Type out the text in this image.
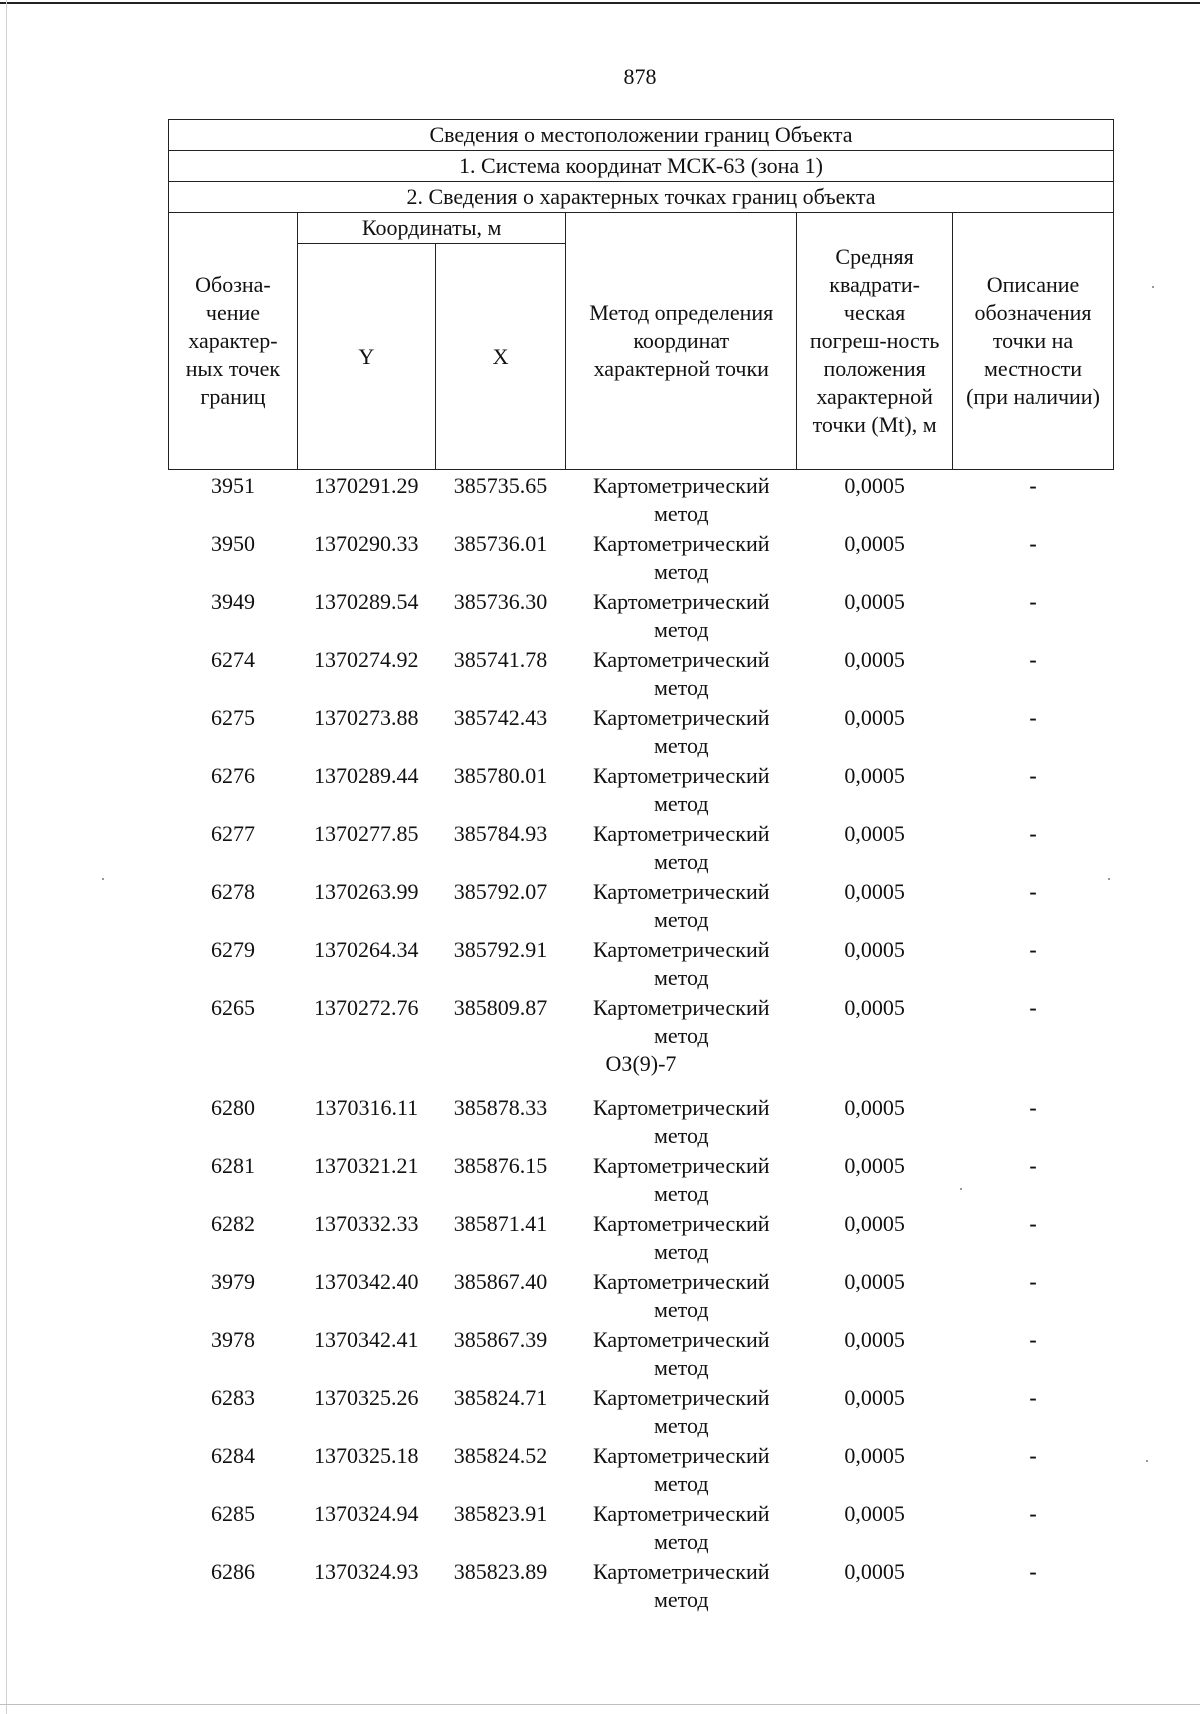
878
Сведения о местоположении границ Объекта					
1. Система координат МСК-63 (зона 1)					
2. Сведения о характерных точках границ объекта					

Обозна-чение характер-ных точек границ	Координаты, м		Метод определения координат характерной точки	Средняя квадрати-ческая погреш-ность положения характерной точки (Mt), м	Описание обозначения точки на местности (при наличии)

	Y	X			
3951	1370291.29	385735.65	Картометрический метод	0,0005	-
3950	1370290.33	385736.01	Картометрический метод	0,0005	-
3949	1370289.54	385736.30	Картометрический метод	0,0005	-
6274	1370274.92	385741.78	Картометрический метод	0,0005	-
6275	1370273.88	385742.43	Картометрический метод	0,0005	-
6276	1370289.44	385780.01	Картометрический метод	0,0005	-
6277	1370277.85	385784.93	Картометрический метод	0,0005	-
6278	1370263.99	385792.07	Картометрический метод	0,0005	-
6279	1370264.34	385792.91	Картометрический метод	0,0005	-
6265	1370272.76	385809.87	Картометрический метод	0,0005	-
ОЗ(9)-7					
6280	1370316.11	385878.33	Картометрический метод	0,0005	-
6281	1370321.21	385876.15	Картометрический метод	0,0005	-
6282	1370332.33	385871.41	Картометрический метод	0,0005	-
3979	1370342.40	385867.40	Картометрический метод	0,0005	-
3978	1370342.41	385867.39	Картометрический метод	0,0005	-
6283	1370325.26	385824.71	Картометрический метод	0,0005	-
6284	1370325.18	385824.52	Картометрический метод	0,0005	-
6285	1370324.94	385823.91	Картометрический метод	0,0005	-
6286	1370324.93	385823.89	Картометрический метод	0,0005	-
